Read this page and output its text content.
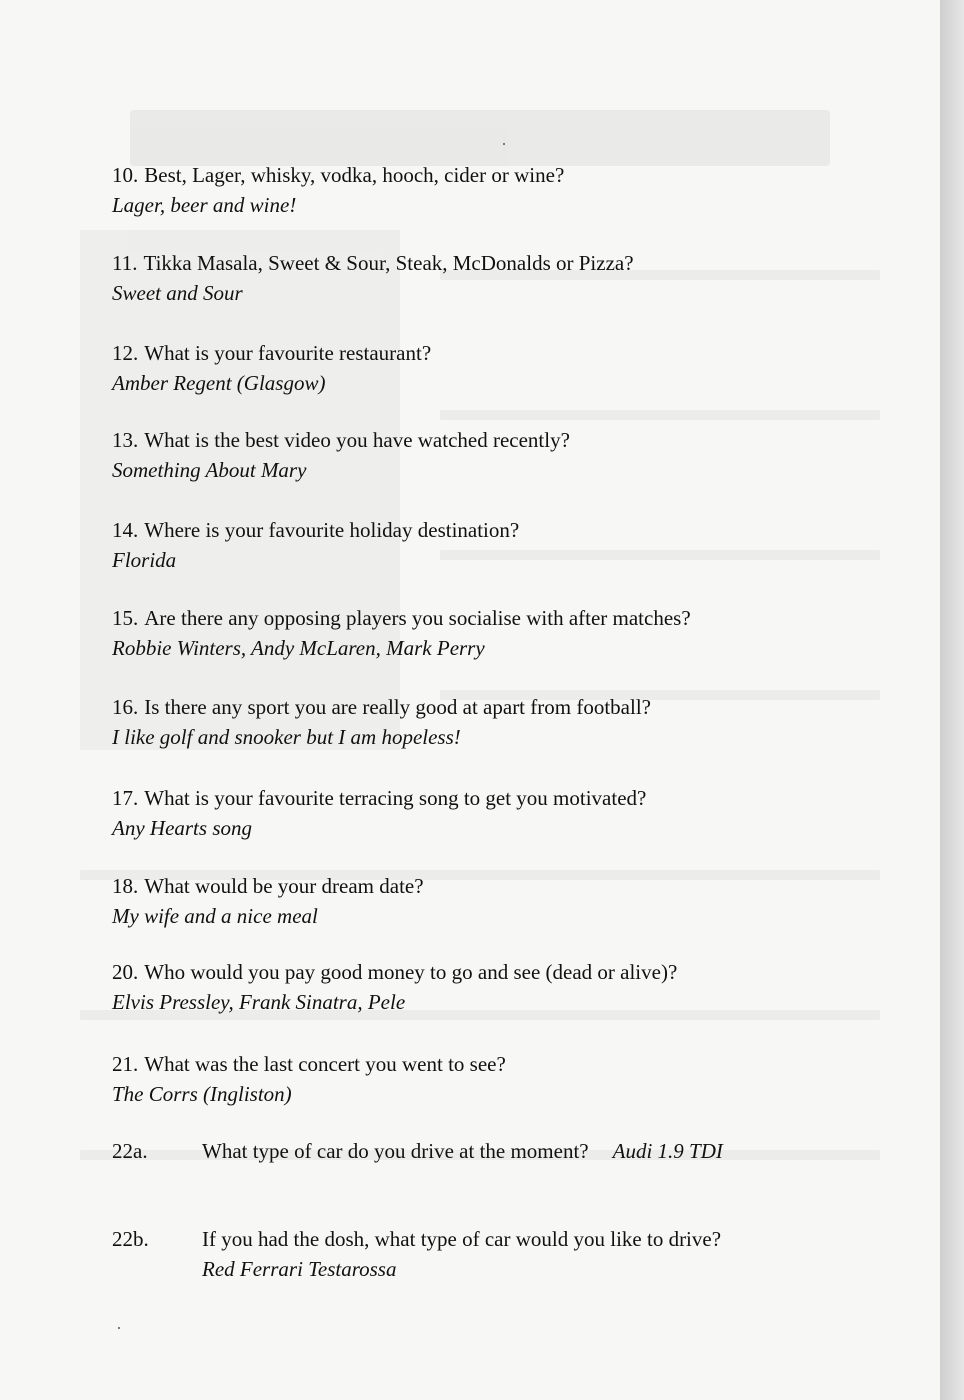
10. Best, Lager, whisky, vodka, hooch, cider or wine?
Lager, beer and wine!
11. Tikka Masala, Sweet & Sour, Steak, McDonalds or Pizza?
Sweet and Sour
12. What is your favourite restaurant?
Amber Regent (Glasgow)
13. What is the best video you have watched recently?
Something About Mary
14. Where is your favourite holiday destination?
Florida
15. Are there any opposing players you socialise with after matches?
Robbie Winters, Andy McLaren, Mark Perry
16. Is there any sport you are really good at apart from football?
I like golf and snooker but I am hopeless!
17. What is your favourite terracing song to get you motivated?
Any Hearts song
18. What would be your dream date?
My wife and a nice meal
20. Who would you pay good money to go and see (dead or alive)?
Elvis Pressley, Frank Sinatra, Pele
21. What was the last concert you went to see?
The Corrs (Ingliston)
22a.	What type of car do you drive at the moment? Audi 1.9 TDI
22b.	If you had the dosh, what type of car would you like to drive?
Red Ferrari Testarossa
